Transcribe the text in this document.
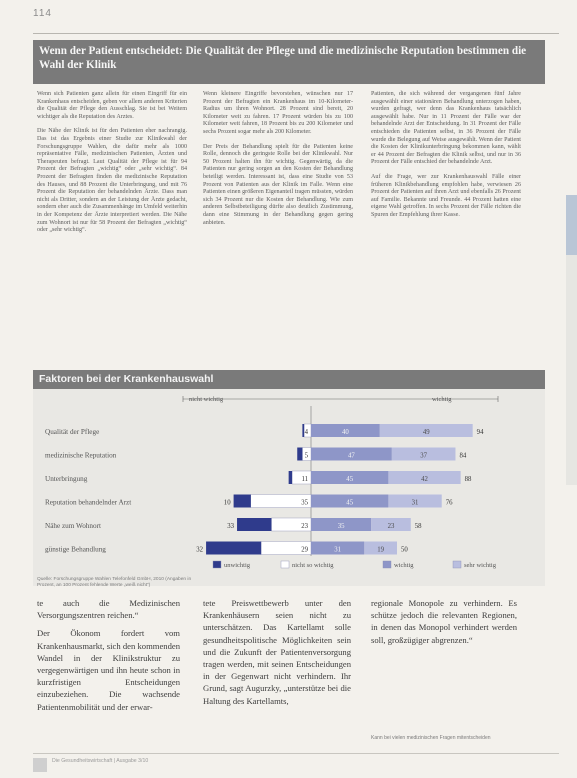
114
Wenn der Patient entscheidet: Die Qualität der Pflege und die medizinische Reputation bestimmen die Wahl der Klinik

Wenn sich Patienten ganz allein für einen Eingriff für ein Krankenhaus entscheiden, geben vor allem anderen Kriterien die Qualität der Pflege den Ausschlag. Sie ist bei Weitem wichtiger als die Reputation des Arztes.

Die Nähe der Klinik ist für den Patienten eher nachrangig. Das ist das Ergebnis einer Studie zur Klinikwahl der Forschungsgruppe Wahlen, die dafür mehr als 1000 repräsentative Fälle, medizinischen Patienten, Ärzten und Therapeuten befragt. Laut Qualität der Pflege ist für 94 Prozent der Befragten „wichtig“ oder „sehr wichtig“. 84 Prozent der Befragten finden die medizinische Reputation des Hauses, und 88 Prozent die Unterbringung, und mit 76 Prozent die Reputation der behandelnden Ärzte. Dass man nicht als Dritter, sondern an der Leistung der Ärzte gedacht, sondern eher auch die Zusammenhänge im Umfeld weiterhin in der Kompetenz der Ärzte interpretiert werden. Die Nähe zum Wohnort ist nur für 58 Prozent der Befragten „wichtig“ oder „sehr wichtig“.

Wenn kleinere Eingriffe bevorstehen, wünschen nur 17 Prozent der Befragten ein Krankenhaus im 10-Kilometer-Radius um ihren Wohnort. 28 Prozent sind bereit, 20 Kilometer weit zu fahren. 17 Prozent würden bis zu 100 Kilometer weit fahren, 18 Prozent bis zu 200 Kilometer und sechs Prozent sogar mehr als 200 Kilometer.

Der Preis der Behandlung spielt für die Patienten keine Rolle, dennoch die geringste Rolle bei der Klinikwahl. Nur 50 Prozent halten ihn für wichtig. Gegenwärtig, da die Patienten nur gering sorgen an den Kosten der Behandlung beteiligt werden. Interessant ist, dass eine Studie von 53 Prozent von Patienten aus der Klinik im Falle. Wenn eine Patienten einen größeren Eigenanteil tragen müssten, würden sich 34 Prozent nur die Kosten der Behandlung. Wie zum anderen Selbstbeteiligung dürfte also deutlich Zustimmung, dann eine Stimmung in der Behandlung gegen gering anbieten.

Patienten, die sich während der vergangenen fünf Jahre ausgewählt einer stationären Behandlung unterzogen haben, wurden gefragt, wer denn das Krankenhaus tatsächlich ausgewählt habe. Nur in 11 Prozent der Fälle war der behandelnde Arzt der Entscheidung. In 31 Prozent der Fälle entschieden die Patienten selbst, in 36 Prozent der Fälle wurde die Belegung auf Weise ausgewählt. Wenn der Patient die Kosten der Klinikunterbringung bekommen kann, wählt er 44 Prozent der Befragten die Klinik selbst, und nur in 36 Prozent der Fälle entschied der behandelnde Arzt.

Auf die Frage, wer zur Krankenhauswahl Fälle einer früheren Klinikbehandlung empfohlen habe, verwiesen 26 Prozent der Patienten auf ihren Arzt und ebenfalls 26 Prozent auf Familie. Bekannte und Freunde. 44 Prozent hatten eine eigene Wahl getroffen. In sechs Prozent der Fälle richten die Spuren der Empfehlung ihrer Kasse.

Faktoren bei der Krankenhauswahl
nicht wichtig	wichtig
Qualität der Pflege	4	40	49	94
medizinische Reputation	5	47	37	84
Unterbringung	11	45	42	88
Reputation behandelnder Arzt	10	35	45	31	76
Nähe zum Wohnort	33	23	35	23	58
günstige Behandlung	32	29	31	19 50
unwichtig	nicht so wichtig	wichtig	sehr wichtig
Quelle: Forschungsgruppe Wahlen Telefonfeld GmbH, 2010 (Angaben in Prozent, an 100 Prozent fehlende Werte „weiß nicht“)

te auch die Medizinischen Versorgungszentren reichen.“

Der Ökonom fordert vom Krankenhausmarkt, sich den kommenden Wandel in der Klinikstruktur zu vergegenwärtigen und ihn heute schon in kurzfristigen Entscheidungen einzubeziehen. Die wachsende Patientenmobilität und der erwar-

tete Preiswettbewerb unter den Krankenhäusern seien nicht zu unterschätzen. Das Kartellamt solle gesundheitspolitische Möglichkeiten sein und die Zukunft der Patientenversorgung tragen werden, mit seinen Entscheidungen in der Gegenwart nicht verhindern. Ihr Grund, sagt Augurzky, „unterstütze bei die Haltung des Kartellamts,

regionale Monopole zu verhindern. Es schütze jedoch die relevanten Regionen, in denen das Monopol verhindert werden soll, großzügiger abgrenzen.“

Kann bei vielen medizinischen Fragen mitentscheiden
Die Gesundheitswirtschaft | Ausgabe 3/10
